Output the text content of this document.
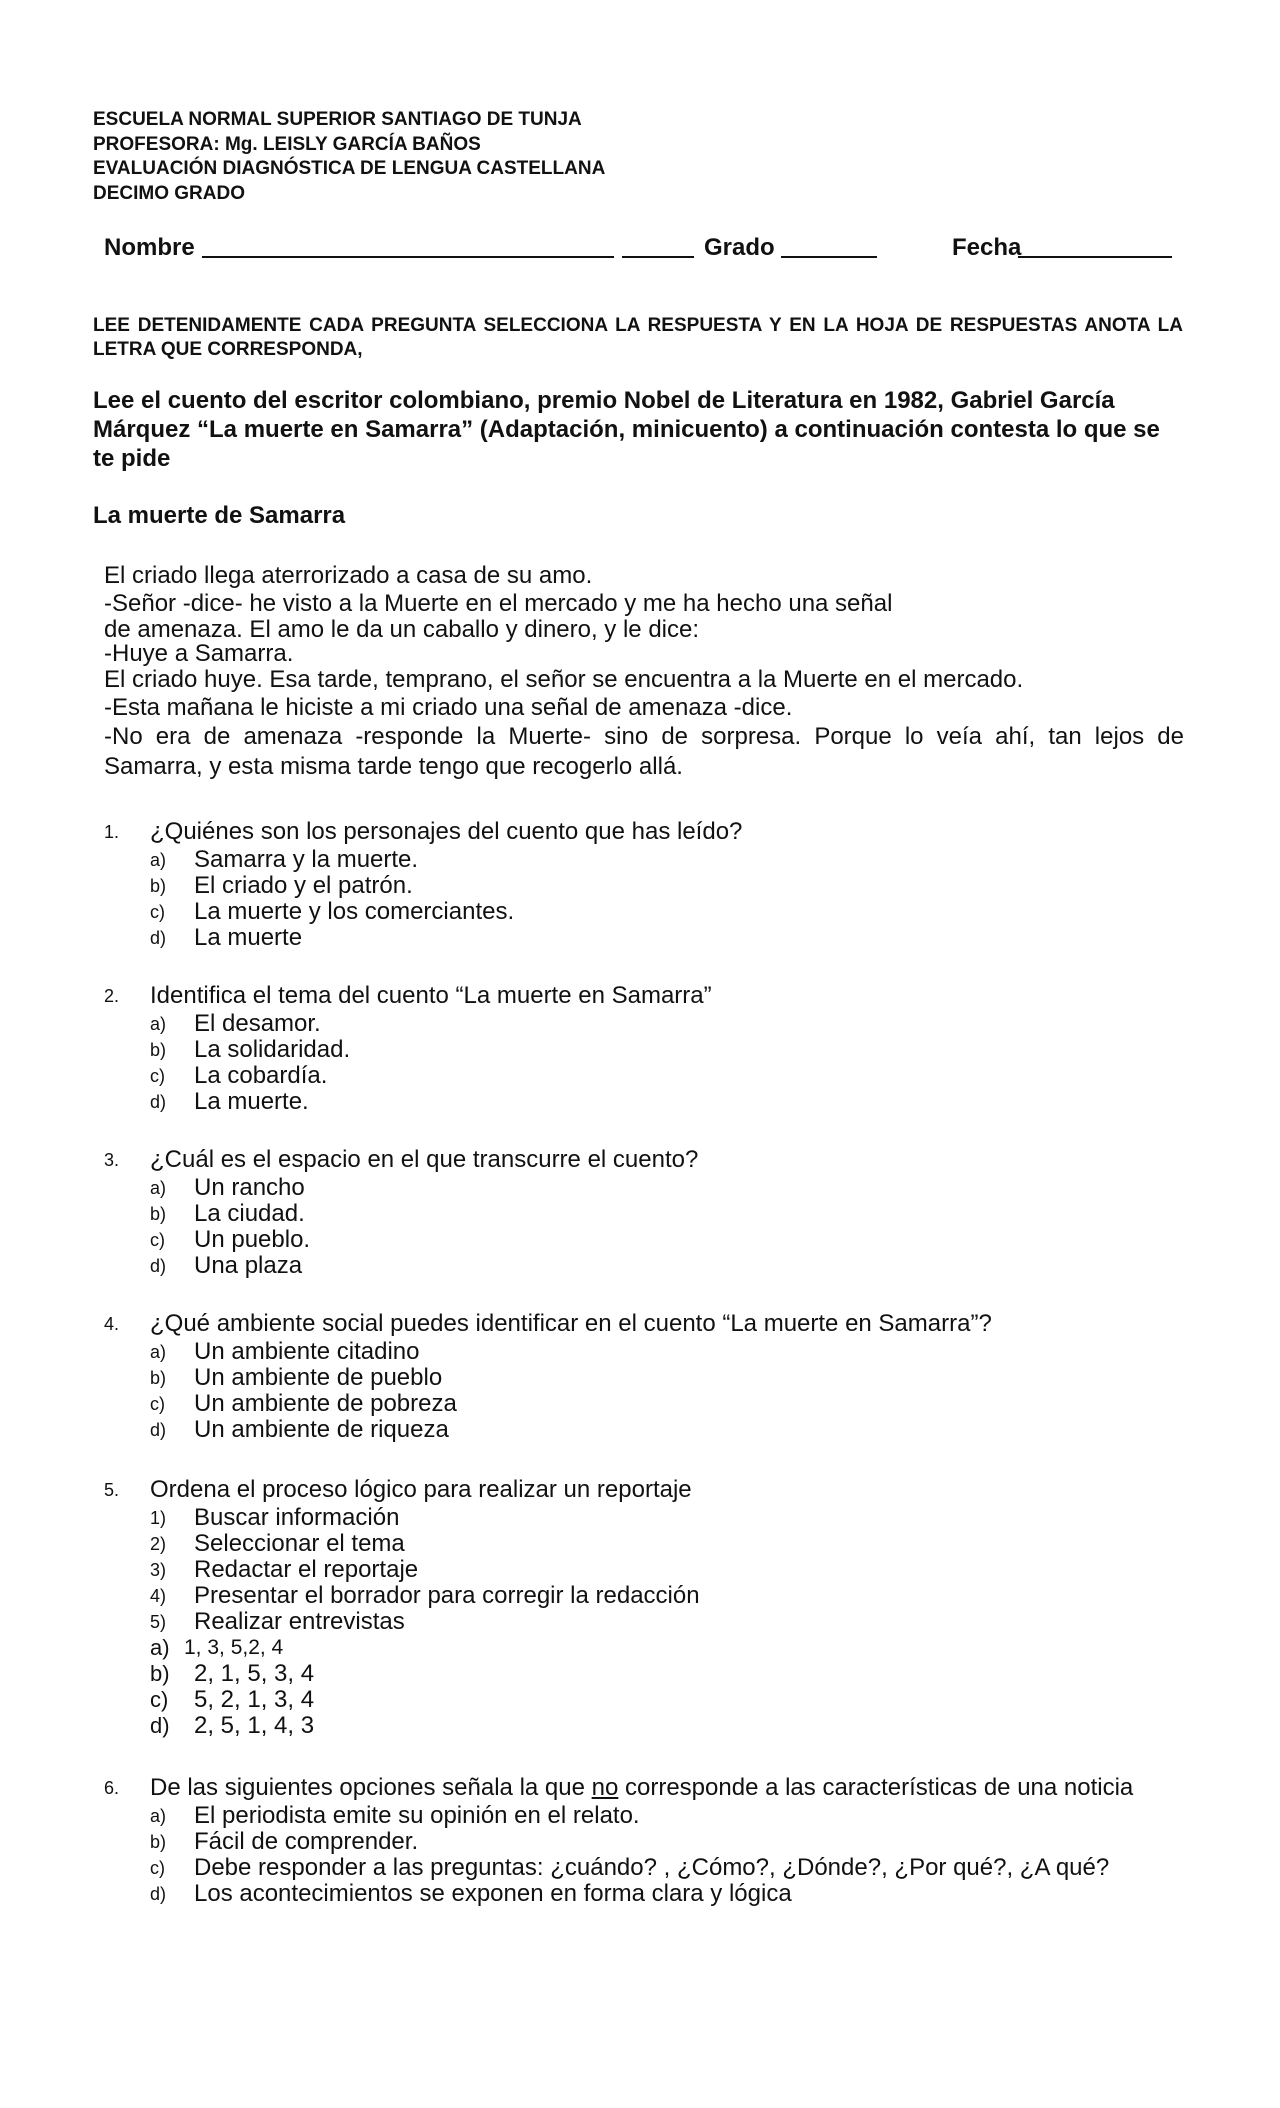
ESCUELA NORMAL SUPERIOR SANTIAGO DE TUNJA
PROFESORA: Mg. LEISLY GARCÍA BAÑOS
EVALUACIÓN DIAGNÓSTICA DE LENGUA CASTELLANA
DECIMO GRADO
Nombre	Grado	Fecha
LEE DETENIDAMENTE CADA PREGUNTA SELECCIONA LA RESPUESTA Y EN LA HOJA DE RESPUESTAS ANOTA LA LETRA QUE CORRESPONDA,
Lee el cuento del escritor colombiano, premio Nobel de Literatura en 1982, Gabriel García Márquez “La muerte en Samarra” (Adaptación, minicuento) a continuación contesta lo que se te pide
La muerte de Samarra
El criado llega aterrorizado a casa de su amo.
-Señor -dice- he visto a la Muerte en el mercado y me ha hecho una señal
de amenaza. El amo le da un caballo y dinero, y le dice:
-Huye a Samarra.
El criado huye. Esa tarde, temprano, el señor se encuentra a la Muerte en el mercado.
-Esta mañana le hiciste a mi criado una señal de amenaza -dice.
-No era de amenaza -responde la Muerte- sino de sorpresa. Porque lo veía ahí, tan lejos de Samarra, y esta misma tarde tengo que recogerlo allá.
1. ¿Quiénes son los personajes del cuento que has leído?
a) Samarra y la muerte.
b) El criado y el patrón.
c) La muerte y los comerciantes.
d) La muerte
2. Identifica el tema del cuento “La muerte en Samarra”
a) El desamor.
b) La solidaridad.
c) La cobardía.
d) La muerte.
3. ¿Cuál es el espacio en el que transcurre el cuento?
a) Un rancho
b) La ciudad.
c) Un pueblo.
d) Una plaza
4. ¿Qué ambiente social puedes identificar en el cuento “La muerte en Samarra”?
a) Un ambiente citadino
b) Un ambiente de pueblo
c) Un ambiente de pobreza
d) Un ambiente de riqueza
5. Ordena el proceso lógico para realizar un reportaje
1) Buscar información
2) Seleccionar el tema
3) Redactar el reportaje
4) Presentar el borrador para corregir la redacción
5) Realizar entrevistas
a) 1, 3, 5,2, 4
b) 2, 1, 5, 3, 4
c) 5, 2, 1, 3, 4
d) 2, 5, 1, 4, 3
6. De las siguientes opciones señala la que no corresponde a las características de una noticia
a) El periodista emite su opinión en el relato.
b) Fácil de comprender.
c) Debe responder a las preguntas: ¿cuándo? , ¿Cómo?, ¿Dónde?, ¿Por qué?, ¿A qué?
d) Los acontecimientos se exponen en forma clara y lógica
